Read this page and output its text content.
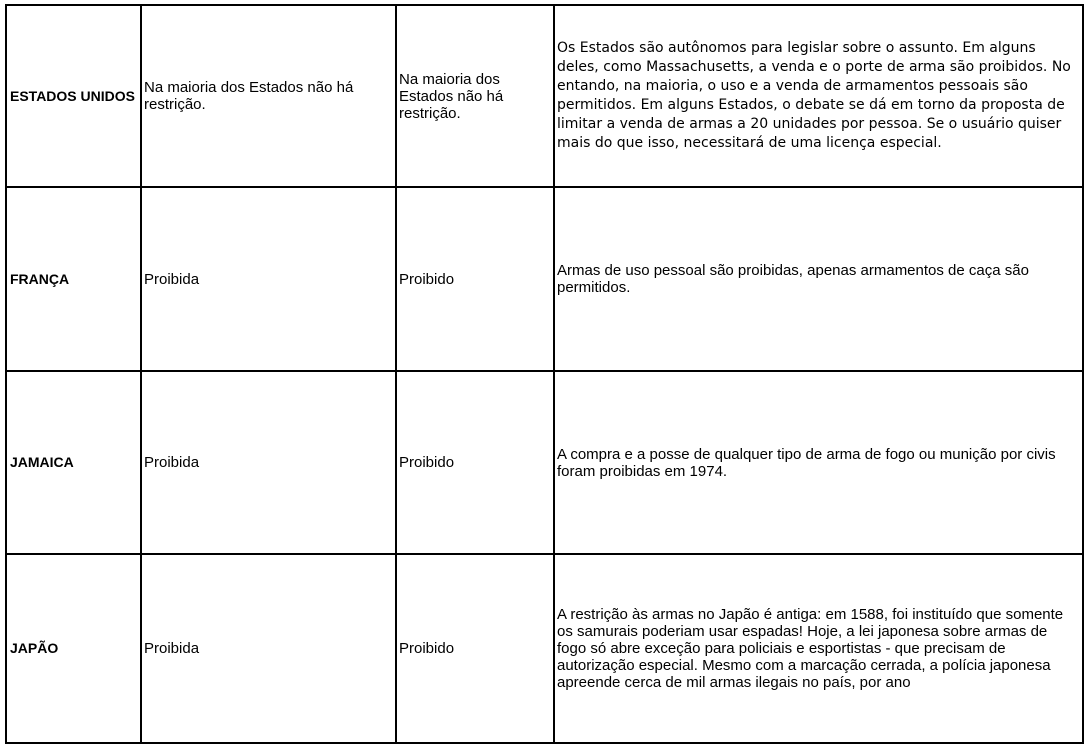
ESTADOS UNIDOS	Na maioria dos Estados não há restrição.	Na maioria dos Estados não há restrição.	Os Estados são autônomos para legislar sobre o assunto. Em alguns deles, como Massachusetts, a venda e o porte de arma são proibidos. No entando, na maioria, o uso e a venda de armamentos pessoais são permitidos. Em alguns Estados, o debate se dá em torno da proposta de limitar a venda de armas a 20 unidades por pessoa. Se o usuário quiser mais do que isso, necessitará de uma licença especial.
FRANÇA	Proibida	Proibido	Armas de uso pessoal são proibidas, apenas armamentos de caça são permitidos.
JAMAICA	Proibida	Proibido	A compra e a posse de qualquer tipo de arma de fogo ou munição por civis foram proibidas em 1974.
JAPÃO	Proibida	Proibido	A restrição às armas no Japão é antiga: em 1588, foi instituído que somente os samurais poderiam usar espadas! Hoje, a lei japonesa sobre armas de fogo só abre exceção para policiais e esportistas - que precisam de autorização especial. Mesmo com a marcação cerrada, a polícia japonesa apreende cerca de mil armas ilegais no país, por ano
